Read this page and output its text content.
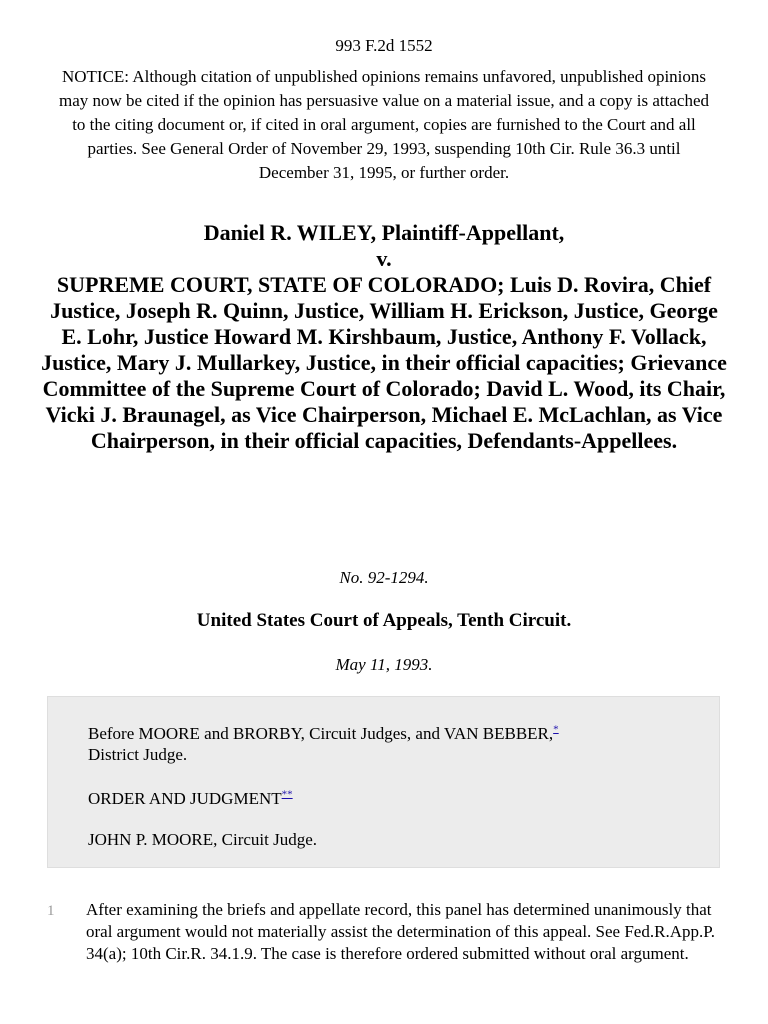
993 F.2d 1552
NOTICE: Although citation of unpublished opinions remains unfavored, unpublished opinions may now be cited if the opinion has persuasive value on a material issue, and a copy is attached to the citing document or, if cited in oral argument, copies are furnished to the Court and all parties. See General Order of November 29, 1993, suspending 10th Cir. Rule 36.3 until December 31, 1995, or further order.
Daniel R. WILEY, Plaintiff-Appellant,
v.
SUPREME COURT, STATE OF COLORADO; Luis D. Rovira, Chief
Justice, Joseph R. Quinn, Justice, William H. Erickson, Justice, George E. Lohr, Justice Howard M. Kirshbaum, Justice, Anthony F. Vollack, Justice, Mary J. Mullarkey, Justice, in their official capacities; Grievance Committee of the Supreme Court of Colorado; David L. Wood, its Chair, Vicki J. Braunagel, as Vice Chairperson, Michael E. McLachlan, as Vice Chairperson, in their official capacities, Defendants-Appellees.
No. 92-1294.
United States Court of Appeals, Tenth Circuit.
May 11, 1993.

Before MOORE and BRORBY, Circuit Judges, and VAN BEBBER,*
District Judge.

ORDER AND JUDGMENT**

JOHN P. MOORE, Circuit Judge.

1 After examining the briefs and appellate record, this panel has determined unanimously that oral argument would not materially assist the determination of this appeal. See Fed.R.App.P. 34(a); 10th Cir.R. 34.1.9. The case is therefore ordered submitted without oral argument.
